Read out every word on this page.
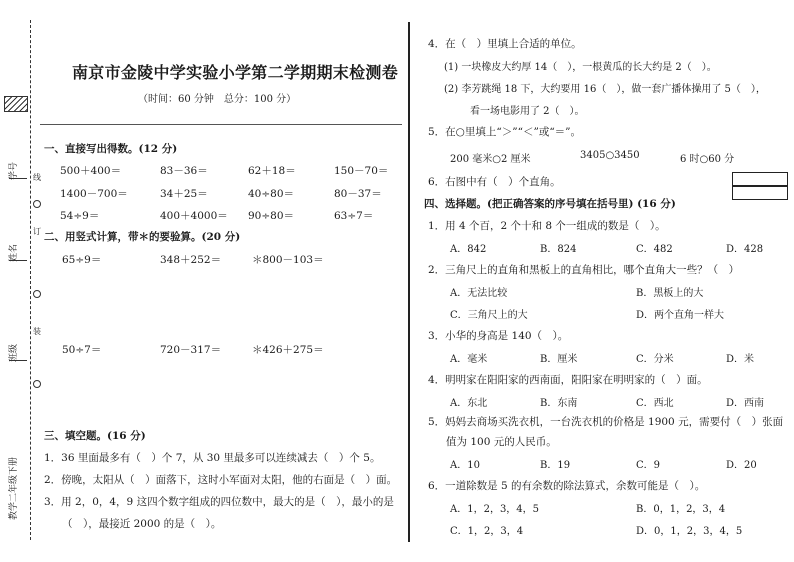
学号
姓名
班级
教学二年级下册
线
订
装
南京市金陵中学实验小学第二学期期末检测卷
（时间：60 分钟　总分：100 分）
一、直接写出得数。(12 分)
500＋400＝	83－36＝	62＋18＝	150－70＝
1400－700＝	34＋25＝	40÷80＝	80－37＝
54÷9＝	400＋4000＝ 90÷80＝	63÷7＝
二、用竖式计算，带＊的要验算。(20 分)
65÷9＝	348＋252＝	＊800－103＝
50÷7＝	720－317＝	＊426＋275＝
三、填空题。(16 分)
1．36 里面最多有（　）个 7，从 30 里最多可以连续减去（　）个 5。
2．傍晚，太阳从（　）面落下，这时小军面对太阳，他的右面是（　）面。
3．用 2，0，4，9 这四个数字组成的四位数中，最大的是（　），最小的是
（　），最接近 2000 的是（　）。
4．在（　）里填上合适的单位。
(1) 一块橡皮大约厚 14（　），一根黄瓜的长大约是 2（　）。
(2) 李芳跳绳 18 下，大约要用 16（　），做一套广播体操用了 5（　），
看一场电影用了 2（　）。
5．在○里填上“＞”“＜”或“＝”。
200 毫米○2 厘米	3405○3450	6 时○60 分
6．右图中有（　）个直角。
四、选择题。(把正确答案的序号填在括号里) (16 分)
1．用 4 个百，2 个十和 8 个一组成的数是（　）。
A．842	B．824	C．482	D．428
2．三角尺上的直角和黑板上的直角相比，哪个直角大一些？（　）
A．无法比较	B．黑板上的大
C．三角尺上的大	D．两个直角一样大
3．小华的身高是 140（　）。
A．毫米	B．厘米	C．分米	D．米
4．明明家在阳阳家的西南面，阳阳家在明明家的（　）面。
A．东北	B．东南	C．西北	D．西南
5．妈妈去商场买洗衣机，一台洗衣机的价格是 1900 元，需要付（　）张面
值为 100 元的人民币。
A．10	B．19	C．9	D．20
6．一道除数是 5 的有余数的除法算式，余数可能是（　）。
A．1，2，3，4，5	B．0，1，2，3，4
C．1，2，3，4	D．0，1，2，3，4，5
